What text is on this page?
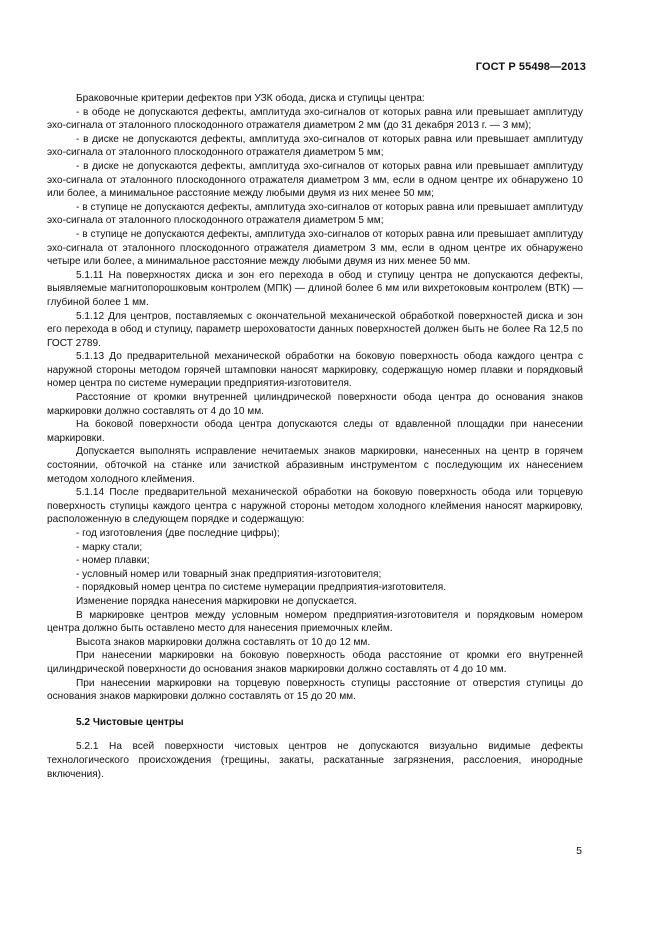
ГОСТ Р 55498—2013

Браковочные критерии дефектов при УЗК обода, диска и ступицы центра:

- в ободе не допускаются дефекты, амплитуда эхо-сигналов от которых равна или превышает амплитуду эхо-сигнала от эталонного плоскодонного отражателя диаметром 2 мм (до 31 декабря 2013 г. — 3 мм);

- в диске не допускаются дефекты, амплитуда эхо-сигналов от которых равна или превышает амплитуду эхо-сигнала от эталонного плоскодонного отражателя диаметром 5 мм;

- в диске не допускаются дефекты, амплитуда эхо-сигналов от которых равна или превышает амплитуду эхо-сигнала от эталонного плоскодонного отражателя диаметром 3 мм, если в одном центре их обнаружено 10 или более, а минимальное расстояние между любыми двумя из них менее 50 мм;

- в ступице не допускаются дефекты, амплитуда эхо-сигналов от которых равна или превышает амплитуду эхо-сигнала от эталонного плоскодонного отражателя диаметром 5 мм;

- в ступице не допускаются дефекты, амплитуда эхо-сигналов от которых равна или превышает амплитуду эхо-сигнала от эталонного плоскодонного отражателя диаметром 3 мм, если в одном центре их обнаружено четыре или более, а минимальное расстояние между любыми двумя из них менее 50 мм.

5.1.11 На поверхностях диска и зон его перехода в обод и ступицу центра не допускаются дефекты, выявляемые магнитопорошковым контролем (МПК) — длиной более 6 мм или вихретоковым контролем (ВТК) — глубиной более 1 мм.

5.1.12 Для центров, поставляемых с окончательной механической обработкой поверхностей диска и зон его перехода в обод и ступицу, параметр шероховатости данных поверхностей должен быть не более Ra 12,5 по ГОСТ 2789.

5.1.13 До предварительной механической обработки на боковую поверхность обода каждого центра с наружной стороны методом горячей штамповки наносят маркировку, содержащую номер плавки и порядковый номер центра по системе нумерации предприятия-изготовителя.

Расстояние от кромки внутренней цилиндрической поверхности обода центра до основания знаков маркировки должно составлять от 4 до 10 мм.

На боковой поверхности обода центра допускаются следы от вдавленной площадки при нанесении маркировки.

Допускается выполнять исправление нечитаемых знаков маркировки, нанесенных на центр в горячем состоянии, обточкой на станке или зачисткой абразивным инструментом с последующим их нанесением методом холодного клеймения.

5.1.14 После предварительной механической обработки на боковую поверхность обода или торцевую поверхность ступицы каждого центра с наружной стороны методом холодного клеймения наносят маркировку, расположенную в следующем порядке и содержащую:

- год изготовления (две последние цифры);

- марку стали;

- номер плавки;

- условный номер или товарный знак предприятия-изготовителя;

- порядковый номер центра по системе нумерации предприятия-изготовителя.

Изменение порядка нанесения маркировки не допускается.

В маркировке центров между условным номером предприятия-изготовителя и порядковым номером центра должно быть оставлено место для нанесения приемочных клейм.

Высота знаков маркировки должна составлять от 10 до 12 мм.

При нанесении маркировки на боковую поверхность обода расстояние от кромки его внутренней цилиндрической поверхности до основания знаков маркировки должно составлять от 4 до 10 мм.

При нанесении маркировки на торцевую поверхность ступицы расстояние от отверстия ступицы до основания знаков маркировки должно составлять от 15 до 20 мм.

5.2 Чистовые центры

5.2.1 На всей поверхности чистовых центров не допускаются визуально видимые дефекты технологического происхождения (трещины, закаты, раскатанные загрязнения, расслоения, инородные включения).

5
